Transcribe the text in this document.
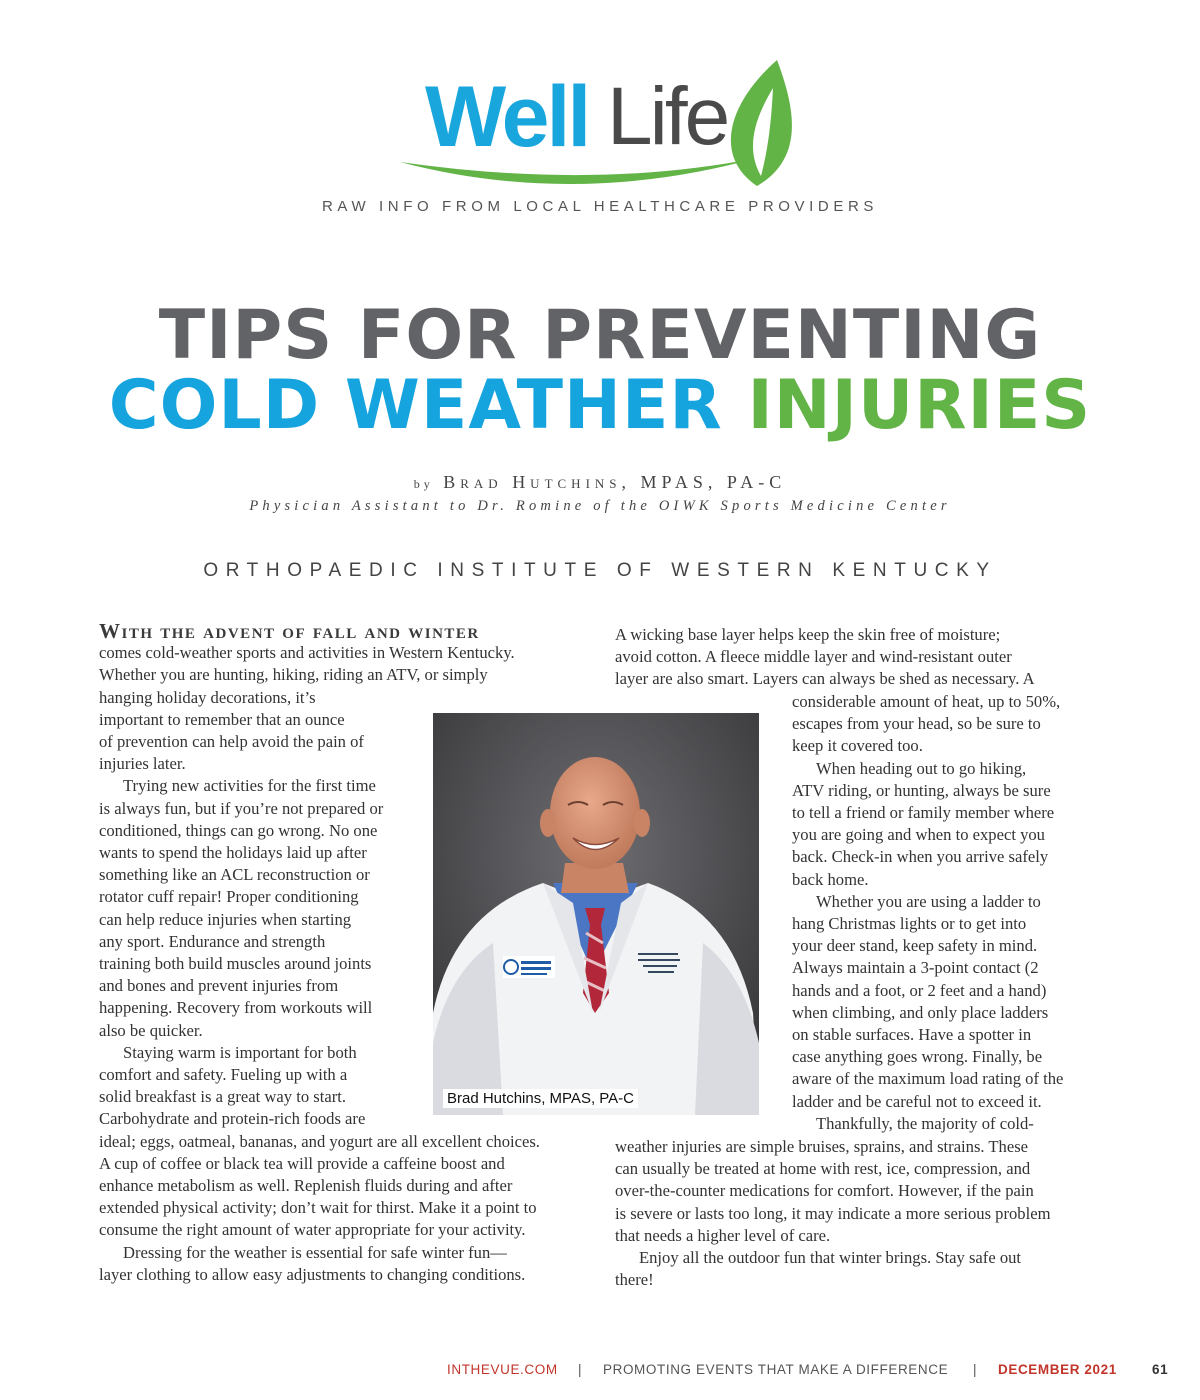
Well Life
RAW INFO FROM LOCAL HEALTHCARE PROVIDERS
TIPS FOR PREVENTING
COLD WEATHER INJURIES
by Brad Hutchins, MPAS, PA-C
Physician Assistant to Dr. Romine of the OIWK Sports Medicine Center
ORTHOPAEDIC INSTITUTE OF WESTERN KENTUCKY
With the advent of fall and winter
comes cold-weather sports and activities in Western Kentucky.
Whether you are hunting, hiking, riding an ATV, or simply
hanging holiday decorations, it’s
important to remember that an ounce
of prevention can help avoid the pain of
injuries later.
Trying new activities for the first time
is always fun, but if you’re not prepared or
conditioned, things can go wrong. No one
wants to spend the holidays laid up after
something like an ACL reconstruction or
rotator cuff repair! Proper conditioning
can help reduce injuries when starting
any sport. Endurance and strength
training both build muscles around joints
and bones and prevent injuries from
happening. Recovery from workouts will
also be quicker.
Staying warm is important for both
comfort and safety. Fueling up with a
solid breakfast is a great way to start.
Carbohydrate and protein-rich foods are
ideal; eggs, oatmeal, bananas, and yogurt are all excellent choices.
A cup of coffee or black tea will provide a caffeine boost and
enhance metabolism as well. Replenish fluids during and after
extended physical activity; don’t wait for thirst. Make it a point to
consume the right amount of water appropriate for your activity.
Dressing for the weather is essential for safe winter fun—
layer clothing to allow easy adjustments to changing conditions.
A wicking base layer helps keep the skin free of moisture;
avoid cotton. A fleece middle layer and wind-resistant outer
layer are also smart. Layers can always be shed as necessary. A
considerable amount of heat, up to 50%,
escapes from your head, so be sure to
keep it covered too.
When heading out to go hiking,
ATV riding, or hunting, always be sure
to tell a friend or family member where
you are going and when to expect you
back. Check-in when you arrive safely
back home.
Whether you are using a ladder to
hang Christmas lights or to get into
your deer stand, keep safety in mind.
Always maintain a 3-point contact (2
hands and a foot, or 2 feet and a hand)
when climbing, and only place ladders
on stable surfaces. Have a spotter in
case anything goes wrong. Finally, be
aware of the maximum load rating of the
ladder and be careful not to exceed it.
Thankfully, the majority of cold-
weather injuries are simple bruises, sprains, and strains. These
can usually be treated at home with rest, ice, compression, and
over-the-counter medications for comfort. However, if the pain
is severe or lasts too long, it may indicate a more serious problem
that needs a higher level of care.
Enjoy all the outdoor fun that winter brings. Stay safe out
there!
Brad Hutchins, MPAS, PA-C
INTHEVUE.COM | PROMOTING EVENTS THAT MAKE A DIFFERENCE | DECEMBER 2021	61
